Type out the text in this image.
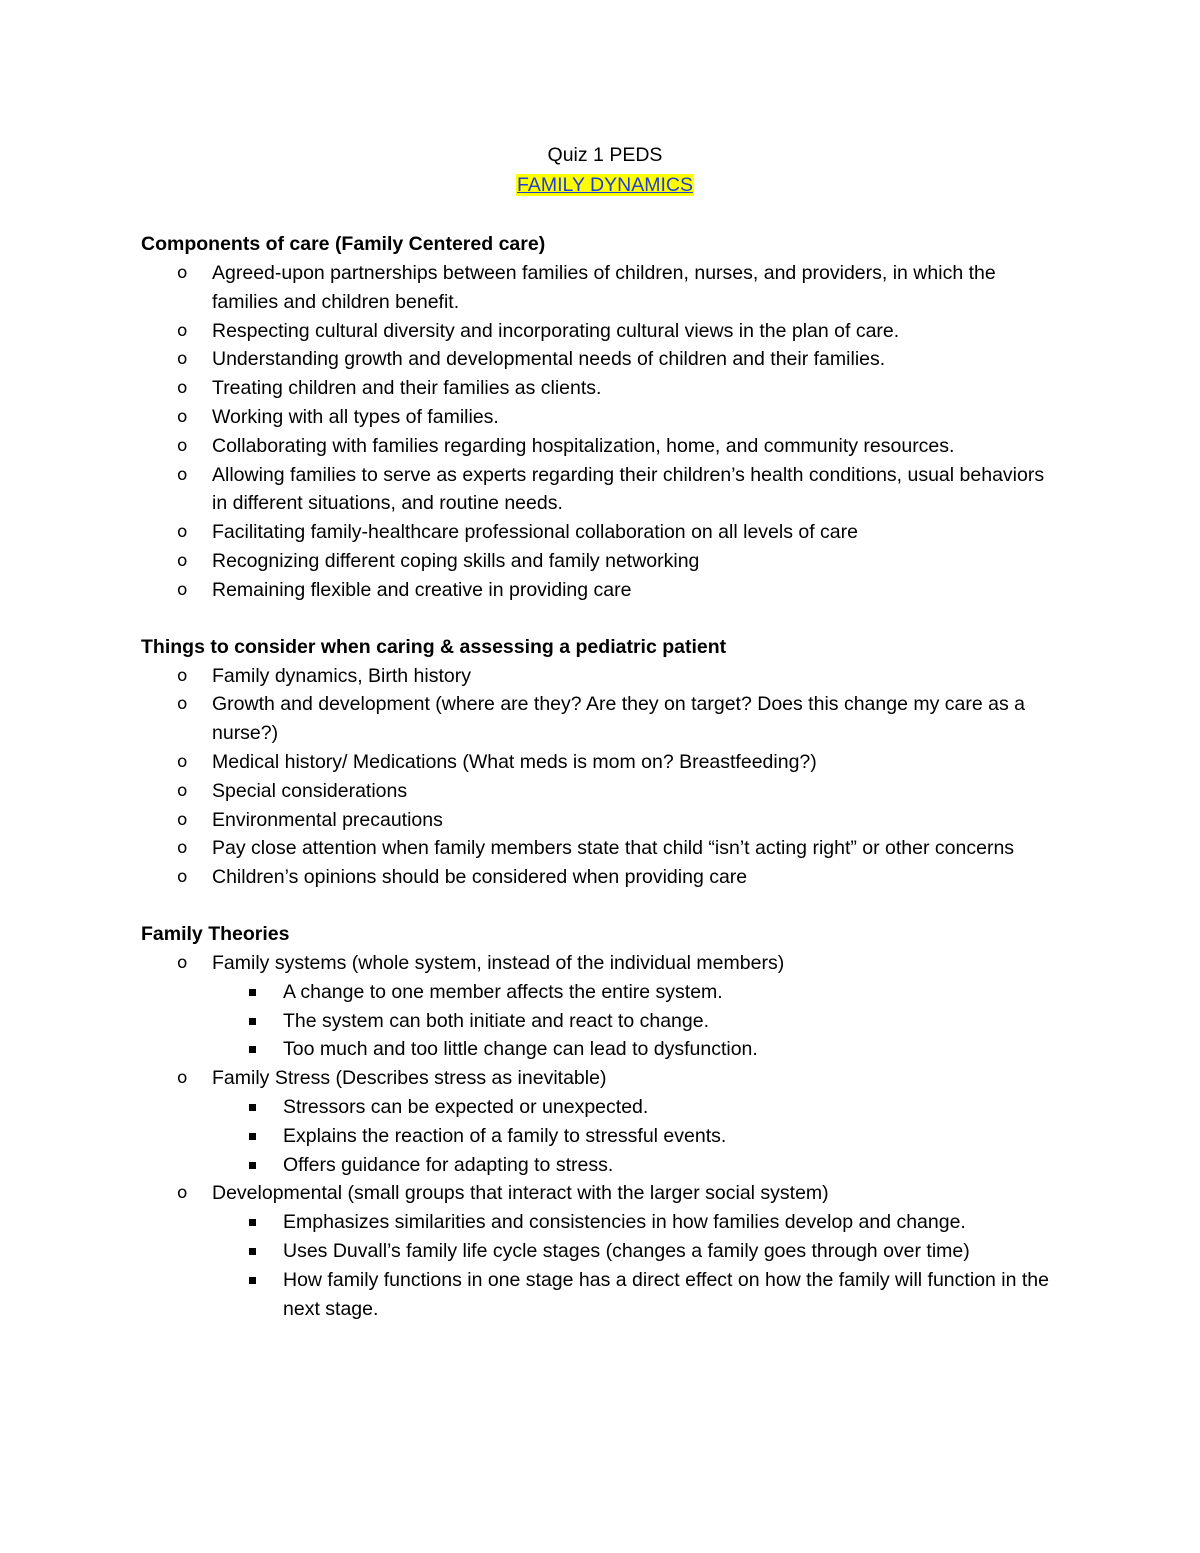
Quiz 1 PEDS
FAMILY DYNAMICS
Components of care (Family Centered care)
o Agreed-upon partnerships between families of children, nurses, and providers, in which the families and children benefit.
o Respecting cultural diversity and incorporating cultural views in the plan of care.
o Understanding growth and developmental needs of children and their families.
o Treating children and their families as clients.
o Working with all types of families.
o Collaborating with families regarding hospitalization, home, and community resources.
o Allowing families to serve as experts regarding their children’s health conditions, usual behaviors in different situations, and routine needs.
o Facilitating family-healthcare professional collaboration on all levels of care
o Recognizing different coping skills and family networking
o Remaining flexible and creative in providing care
Things to consider when caring & assessing a pediatric patient
o Family dynamics, Birth history
o Growth and development (where are they? Are they on target? Does this change my care as a nurse?)
o Medical history/ Medications (What meds is mom on? Breastfeeding?)
o Special considerations
o Environmental precautions
o Pay close attention when family members state that child “isn’t acting right” or other concerns
o Children’s opinions should be considered when providing care
Family Theories
o Family systems (whole system, instead of the individual members)
A change to one member affects the entire system.
The system can both initiate and react to change.
Too much and too little change can lead to dysfunction.
o Family Stress (Describes stress as inevitable)
Stressors can be expected or unexpected.
Explains the reaction of a family to stressful events.
Offers guidance for adapting to stress.
o Developmental (small groups that interact with the larger social system)
Emphasizes similarities and consistencies in how families develop and change.
Uses Duvall’s family life cycle stages (changes a family goes through over time)
How family functions in one stage has a direct effect on how the family will function in the next stage.
